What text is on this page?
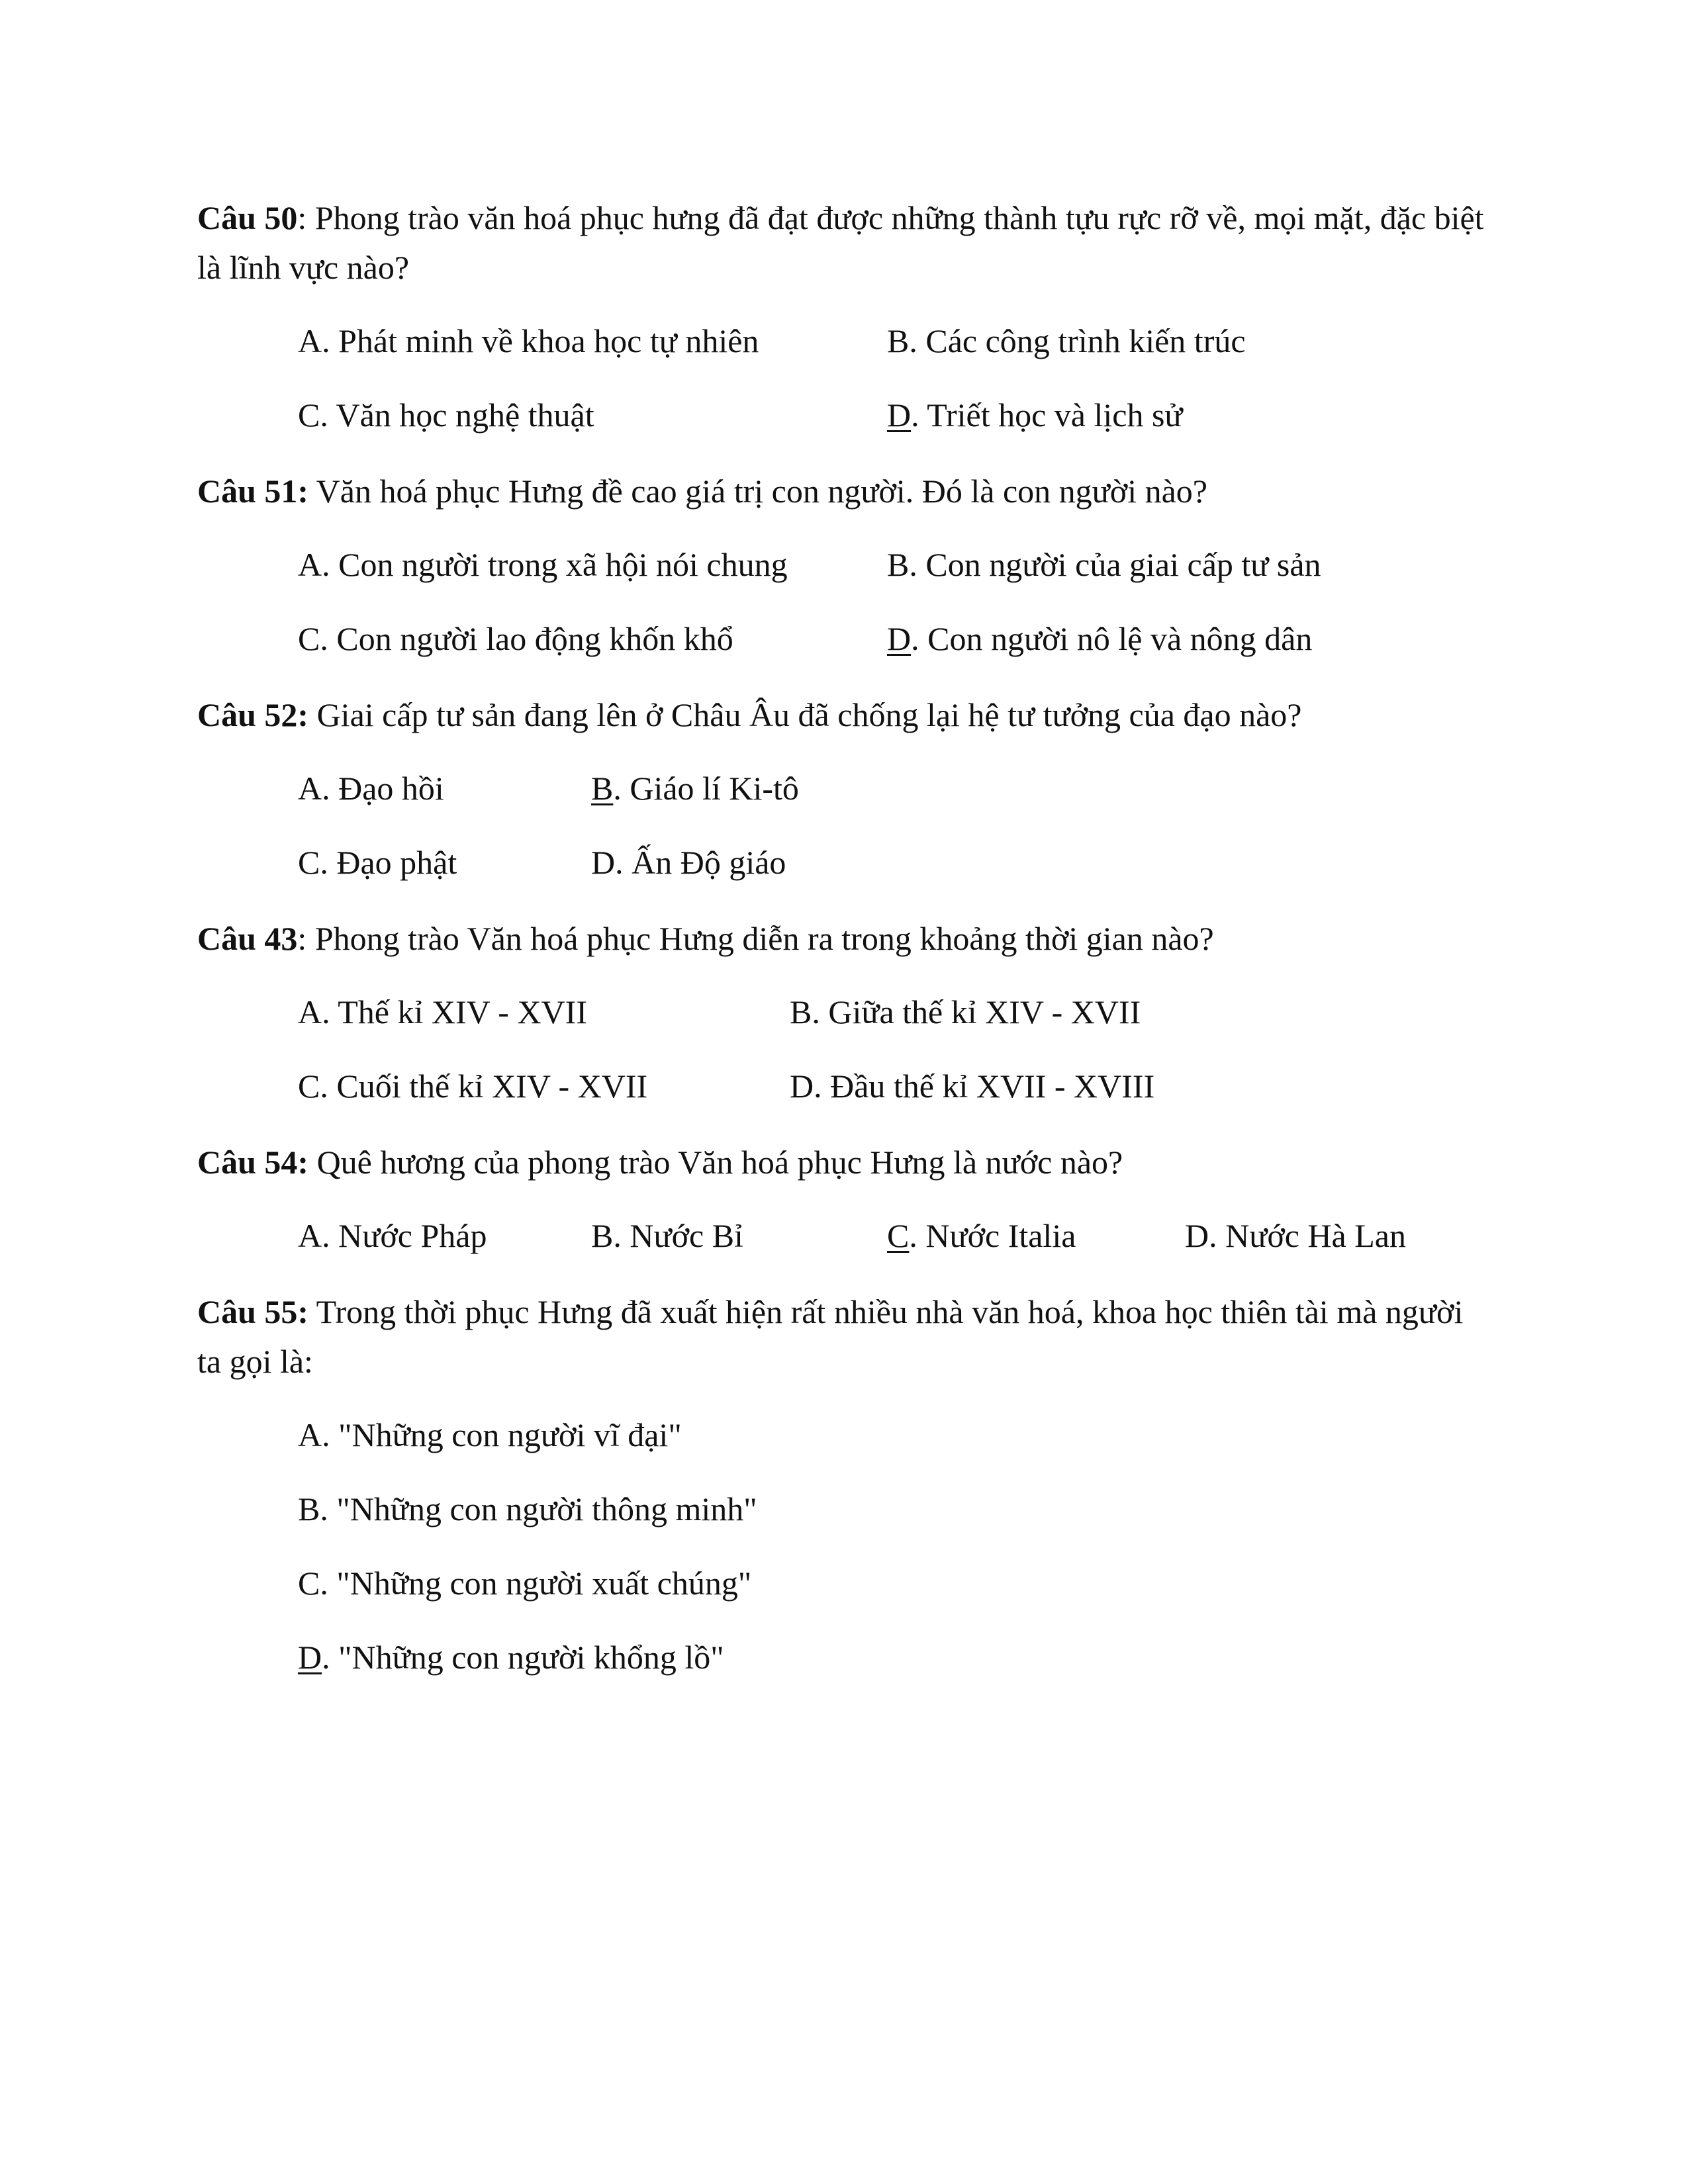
Câu 50: Phong trào văn hoá phục hưng đã đạt được những thành tựu rực rỡ về, mọi mặt, đặc biệt là lĩnh vực nào?
A. Phát minh về khoa học tự nhiên	B. Các công trình kiến trúc
C. Văn học nghệ thuật	D. Triết học và lịch sử
Câu 51: Văn hoá phục Hưng đề cao giá trị con người. Đó là con người nào?
A. Con người trong xã hội nói chung	B. Con người của giai cấp tư sản
C. Con người lao động khốn khổ	D. Con người nô lệ và nông dân
Câu 52: Giai cấp tư sản đang lên ở Châu Âu đã chống lại hệ tư tưởng của đạo nào?
A. Đạo hồi	B. Giáo lí Ki-tô
C. Đạo phật	D. Ấn Độ giáo
Câu 43: Phong trào Văn hoá phục Hưng diễn ra trong khoảng thời gian nào?
A. Thế kỉ XIV - XVII	B. Giữa thế kỉ XIV - XVII
C. Cuối thế kỉ XIV - XVII	D. Đầu thế kỉ XVII - XVIII
Câu 54: Quê hương của phong trào Văn hoá phục Hưng là nước nào?
A. Nước Pháp	B. Nước Bỉ	C. Nước Italia	D. Nước Hà Lan
Câu 55: Trong thời phục Hưng đã xuất hiện rất nhiều nhà văn hoá, khoa học thiên tài mà người ta gọi là:
A. "Những con người vĩ đại"
B. "Những con người thông minh"
C. "Những con người xuất chúng"
D. "Những con người khổng lồ"
